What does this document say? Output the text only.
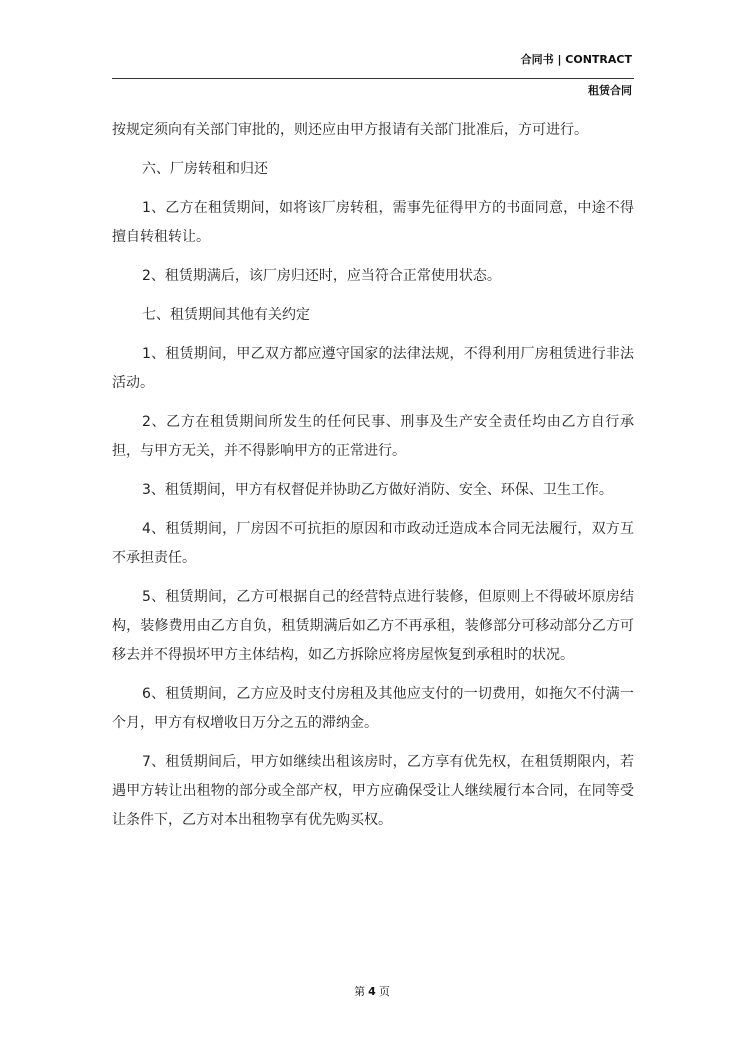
合同书 | CONTRACT
租赁合同

按规定须向有关部门审批的，则还应由甲方报请有关部门批准后，方可进行。

六、厂房转租和归还

1、乙方在租赁期间，如将该厂房转租，需事先征得甲方的书面同意，中途不得擅自转租转让。

2、租赁期满后，该厂房归还时，应当符合正常使用状态。

七、租赁期间其他有关约定

1、租赁期间，甲乙双方都应遵守国家的法律法规，不得利用厂房租赁进行非法活动。

2、乙方在租赁期间所发生的任何民事、刑事及生产安全责任均由乙方自行承担，与甲方无关，并不得影响甲方的正常进行。

3、租赁期间，甲方有权督促并协助乙方做好消防、安全、环保、卫生工作。

4、租赁期间，厂房因不可抗拒的原因和市政动迁造成本合同无法履行，双方互不承担责任。

5、租赁期间，乙方可根据自己的经营特点进行装修，但原则上不得破坏原房结构，装修费用由乙方自负，租赁期满后如乙方不再承租，装修部分可移动部分乙方可移去并不得损坏甲方主体结构，如乙方拆除应将房屋恢复到承租时的状况。

6、租赁期间，乙方应及时支付房租及其他应支付的一切费用，如拖欠不付满一个月，甲方有权增收日万分之五的滞纳金。

7、租赁期间后，甲方如继续出租该房时，乙方享有优先权，在租赁期限内，若遇甲方转让出租物的部分或全部产权，甲方应确保受让人继续履行本合同，在同等受让条件下，乙方对本出租物享有优先购买权。

第 4 页
